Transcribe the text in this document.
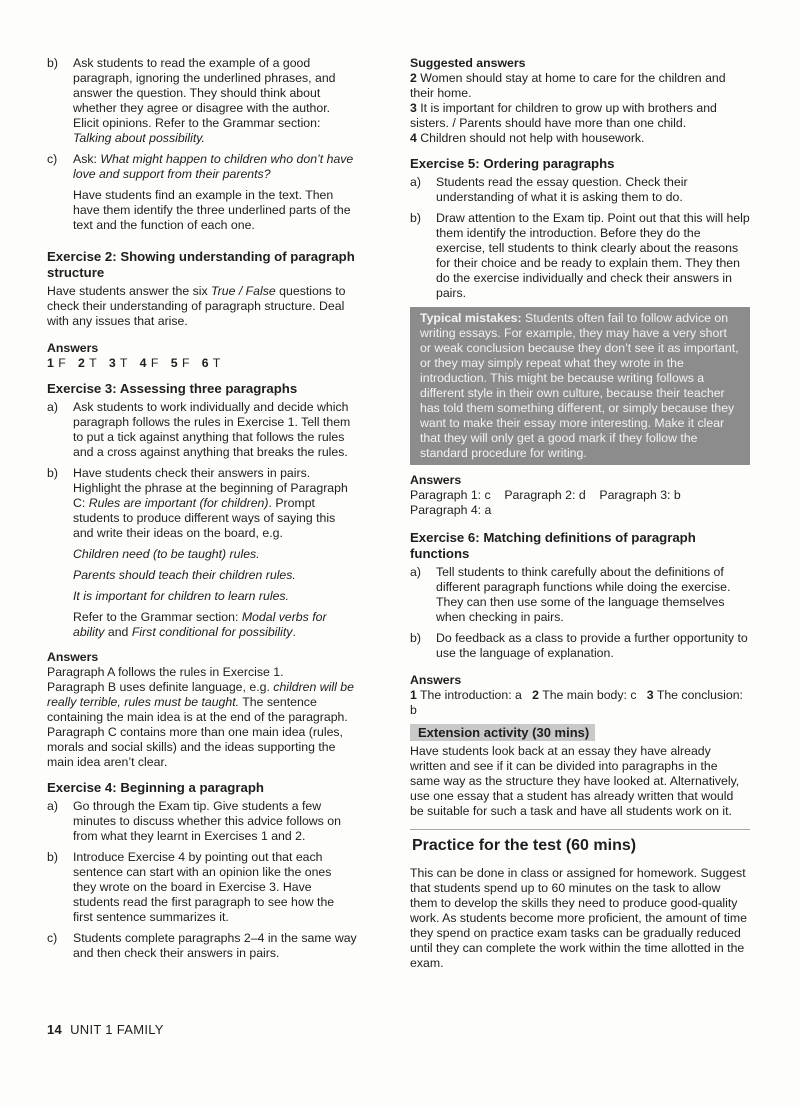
b)	Ask students to read the example of a good paragraph, ignoring the underlined phrases, and answer the question. They should think about whether they agree or disagree with the author. Elicit opinions. Refer to the Grammar section: Talking about possibility.

c)	Ask: What might happen to children who don’t have love and support from their parents?

Have students find an example in the text. Then have them identify the three underlined parts of the text and the function of each one.

Exercise 2: Showing understanding of paragraph structure

Have students answer the six True / False questions to check their understanding of paragraph structure. Deal with any issues that arise.

Answers

1 F 2 T 3 T 4 F 5 F 6 T

Exercise 3: Assessing three paragraphs
a)	Ask students to work individually and decide which paragraph follows the rules in Exercise 1. Tell them to put a tick against anything that follows the rules and a cross against anything that breaks the rules.

b)	Have students check their answers in pairs. Highlight the phrase at the beginning of Paragraph C: Rules are important (for children). Prompt students to produce different ways of saying this and write their ideas on the board, e.g.

Children need (to be taught) rules.

Parents should teach their children rules.

It is important for children to learn rules.

Refer to the Grammar section: Modal verbs for ability and First conditional for possibility.

Answers

Paragraph A follows the rules in Exercise 1.

Paragraph B uses definite language, e.g. children will be really terrible, rules must be taught. The sentence containing the main idea is at the end of the paragraph.

Paragraph C contains more than one main idea (rules, morals and social skills) and the ideas supporting the main idea aren’t clear.

Exercise 4: Beginning a paragraph
a)	Go through the Exam tip. Give students a few minutes to discuss whether this advice follows on from what they learnt in Exercises 1 and 2.

b)	Introduce Exercise 4 by pointing out that each sentence can start with an opinion like the ones they wrote on the board in Exercise 3. Have students read the first paragraph to see how the first sentence summarizes it.

c)	Students complete paragraphs 2–4 in the same way and then check their answers in pairs.

Suggested answers

2 Women should stay at home to care for the children and their home.

3 It is important for children to grow up with brothers and sisters. / Parents should have more than one child.

4 Children should not help with housework.

Exercise 5: Ordering paragraphs
a)	Students read the essay question. Check their understanding of what it is asking them to do.

b)	Draw attention to the Exam tip. Point out that this will help them identify the introduction. Before they do the exercise, tell students to think clearly about the reasons for their choice and be ready to explain them. They then do the exercise individually and check their answers in pairs.

Typical mistakes: Students often fail to follow advice on writing essays. For example, they may have a very short or weak conclusion because they don’t see it as important, or they may simply repeat what they wrote in the introduction. This might be because writing follows a different style in their own culture, because their teacher has told them something different, or simply because they want to make their essay more interesting. Make it clear that they will only get a good mark if they follow the standard procedure for writing.

Answers

Paragraph 1: c Paragraph 2: d Paragraph 3: b

Paragraph 4: a

Exercise 6: Matching definitions of paragraph functions
a)	Tell students to think carefully about the definitions of different paragraph functions while doing the exercise. They can then use some of the language themselves when checking in pairs.

b)	Do feedback as a class to provide a further opportunity to use the language of explanation.

Answers

1 The introduction: a 2 The main body: c 3 The conclusion: b

Extension activity (30 mins)

Have students look back at an essay they have already written and see if it can be divided into paragraphs in the same way as the structure they have looked at. Alternatively, use one essay that a student has already written that would be suitable for such a task and have all students work on it.

Practice for the test (60 mins)

This can be done in class or assigned for homework. Suggest that students spend up to 60 minutes on the task to allow them to develop the skills they need to produce good-quality work. As students become more proficient, the amount of time they spend on practice exam tasks can be gradually reduced until they can complete the work within the time allotted in the exam.

14 UNIT 1 FAMILY
